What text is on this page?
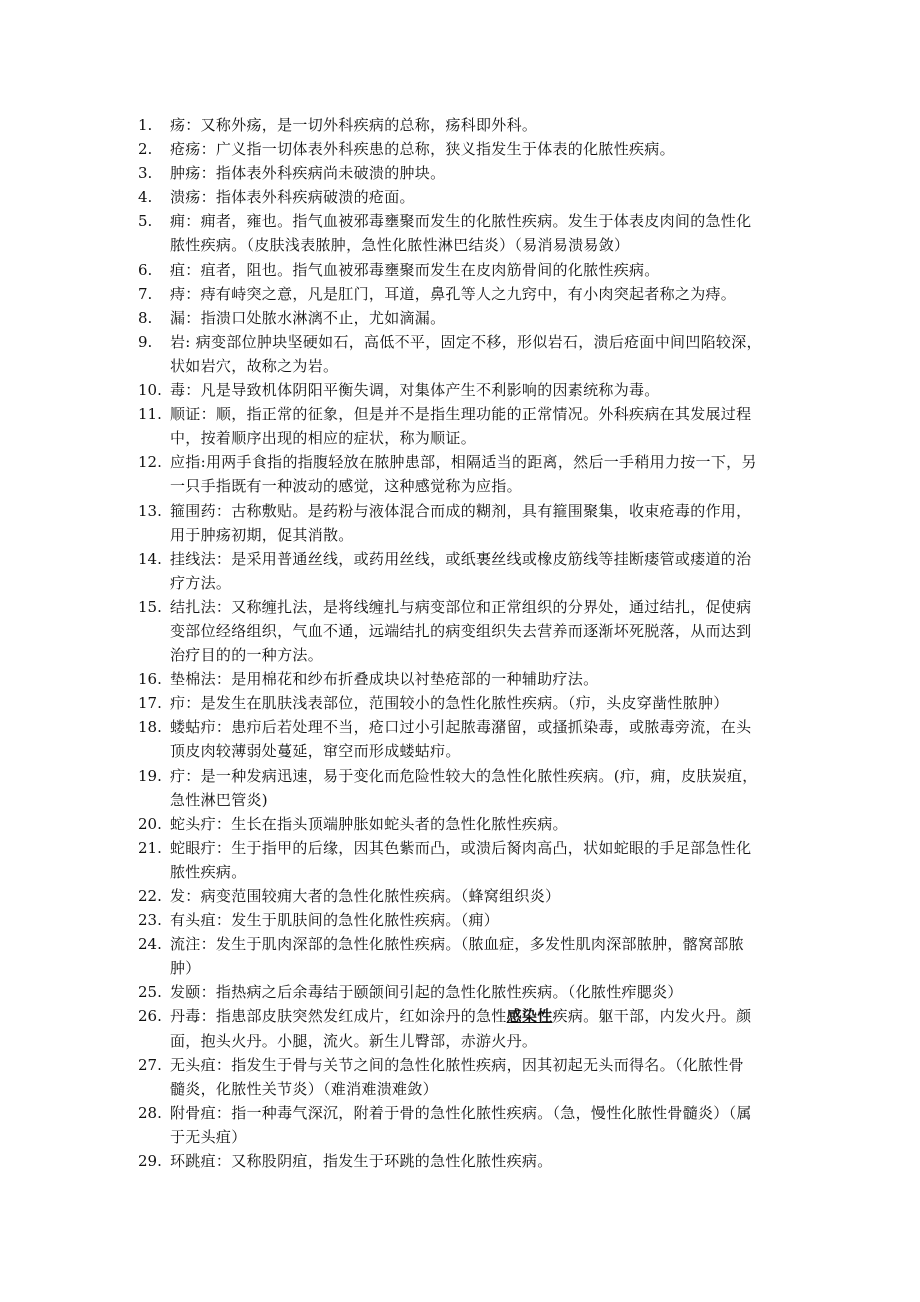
1. 疡：又称外疡，是一切外科疾病的总称，疡科即外科。
2. 疮疡：广义指一切体表外科疾患的总称，狭义指发生于体表的化脓性疾病。
3. 肿疡：指体表外科疾病尚未破溃的肿块。
4. 溃疡：指体表外科疾病破溃的疮面。
5. 痈：痈者，雍也。指气血被邪毒壅聚而发生的化脓性疾病。发生于体表皮肉间的急性化
脓性疾病。（皮肤浅表脓肿，急性化脓性淋巴结炎）（易消易溃易敛）
6. 疽：疽者，阻也。指气血被邪毒壅聚而发生在皮肉筋骨间的化脓性疾病。
7. 痔：痔有峙突之意，凡是肛门，耳道，鼻孔等人之九窍中，有小肉突起者称之为痔。
8. 漏：指溃口处脓水淋漓不止，尤如滴漏。
9. 岩: 病变部位肿块坚硬如石，高低不平，固定不移，形似岩石，溃后疮面中间凹陷较深，
状如岩穴，故称之为岩。
10. 毒：凡是导致机体阴阳平衡失调，对集体产生不利影响的因素统称为毒。
11. 顺证：顺，指正常的征象，但是并不是指生理功能的正常情况。外科疾病在其发展过程
中，按着顺序出现的相应的症状，称为顺证。
12. 应指:用两手食指的指腹轻放在脓肿患部，相隔适当的距离，然后一手稍用力按一下，另
一只手指既有一种波动的感觉，这种感觉称为应指。
13. 箍围药：古称敷贴。是药粉与液体混合而成的糊剂，具有箍围聚集，收束疮毒的作用，
用于肿疡初期，促其消散。
14. 挂线法：是采用普通丝线，或药用丝线，或纸裹丝线或橡皮筋线等挂断瘘管或瘘道的治
疗方法。
15. 结扎法：又称缠扎法，是将线缠扎与病变部位和正常组织的分界处，通过结扎，促使病
变部位经络组织，气血不通，远端结扎的病变组织失去营养而逐渐坏死脱落，从而达到
治疗目的的一种方法。
16. 垫棉法：是用棉花和纱布折叠成块以衬垫疮部的一种辅助疗法。
17. 疖：是发生在肌肤浅表部位，范围较小的急性化脓性疾病。（疖，头皮穿凿性脓肿）
18. 蝼蛄疖：患疖后若处理不当，疮口过小引起脓毒潴留，或搔抓染毒，或脓毒旁流，在头
顶皮肉较薄弱处蔓延，窜空而形成蝼蛄疖。
19. 疔：是一种发病迅速，易于变化而危险性较大的急性化脓性疾病。(疖，痈，皮肤炭疽，
急性淋巴管炎)
20. 蛇头疔：生长在指头顶端肿胀如蛇头者的急性化脓性疾病。
21. 蛇眼疔：生于指甲的后缘，因其色紫而凸，或溃后胬肉高凸，状如蛇眼的手足部急性化
脓性疾病。
22. 发：病变范围较痈大者的急性化脓性疾病。（蜂窝组织炎）
23. 有头疽：发生于肌肤间的急性化脓性疾病。（痈）
24. 流注：发生于肌肉深部的急性化脓性疾病。（脓血症，多发性肌肉深部脓肿，髂窝部脓
肿）
25. 发颐：指热病之后余毒结于颐颌间引起的急性化脓性疾病。（化脓性痄腮炎）
26. 丹毒：指患部皮肤突然发红成片，红如涂丹的急性感染性疾病。躯干部，内发火丹。颜
面，抱头火丹。小腿，流火。新生儿臀部，赤游火丹。
27. 无头疽：指发生于骨与关节之间的急性化脓性疾病，因其初起无头而得名。（化脓性骨
髓炎，化脓性关节炎）（难消难溃难敛）
28. 附骨疽：指一种毒气深沉，附着于骨的急性化脓性疾病。（急，慢性化脓性骨髓炎）（属
于无头疽）
29. 环跳疽：又称股阴疽，指发生于环跳的急性化脓性疾病。
